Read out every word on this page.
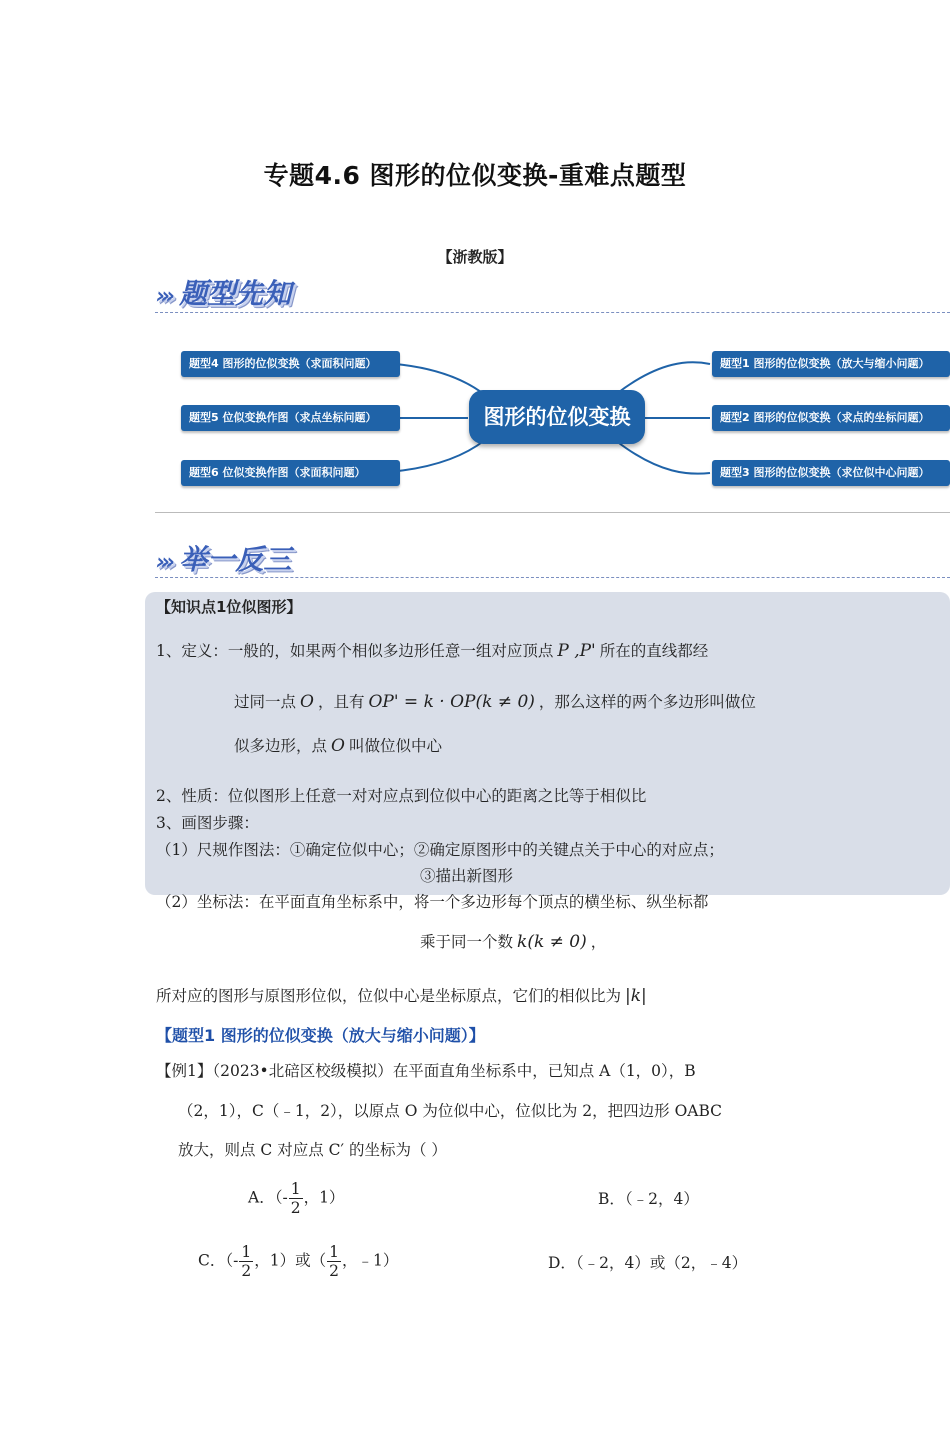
专题4.6 图形的位似变换-重难点题型
【浙教版】
››› 题型先知
图形的位似变换
题型4 图形的位似变换（求面积问题）
题型5 位似变换作图（求点坐标问题）
题型6 位似变换作图（求面积问题）
题型1 图形的位似变换（放大与缩小问题）
题型2 图形的位似变换（求点的坐标问题）
题型3 图形的位似变换（求位似中心问题）
››› 举一反三
【知识点1位似图形】
1、定义：一般的，如果两个相似多边形任意一组对应顶点 P ,P' 所在的直线都经
过同一点 O ，且有 OP' = k · OP(k ≠ 0) ，那么这样的两个多边形叫做位
似多边形，点 O 叫做位似中心
2、性质：位似图形上任意一对对应点到位似中心的距离之比等于相似比
3、画图步骤：
（1）尺规作图法：①确定位似中心；②确定原图形中的关键点关于中心的对应点；
③描出新图形
（2）坐标法：在平面直角坐标系中，将一个多边形每个顶点的横坐标、纵坐标都
乘于同一个数 k(k ≠ 0) ，
所对应的图形与原图形位似，位似中心是坐标原点，它们的相似比为 |k|
【题型1 图形的位似变换（放大与缩小问题）】
【例1】（2023•北碚区校级模拟）在平面直角坐标系中，已知点 A（1，0），B
（2，1），C（﹣1，2），以原点 O 为位似中心，位似比为 2，把四边形 OABC
放大，则点 C 对应点 C′ 的坐标为（ ）
A．（- $\frac{1}{2}$ ，1）	B．（﹣2，4）
C．（- $\frac{1}{2}$ ，1）或（ $\frac{1}{2}$ ，﹣1）	D．（﹣2，4）或（2，﹣4）
